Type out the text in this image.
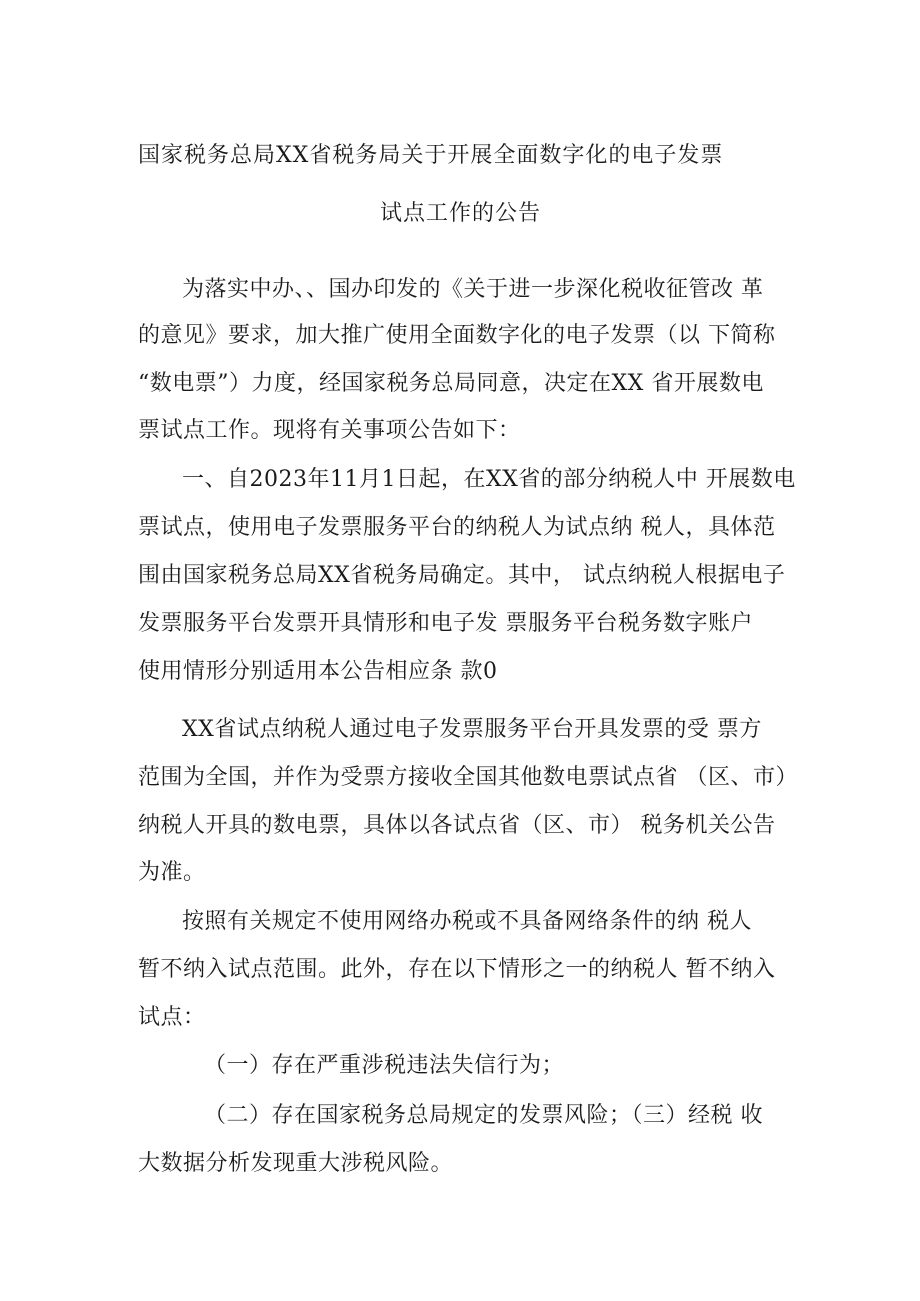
国家税务总局XX省税务局关于开展全面数字化的电子发票
试点工作的公告
为落实中办、、国办印发的《关于进一步深化税收征管改 革
的意见》要求，加大推广使用全面数字化的电子发票（以 下简称
“数电票”）力度，经国家税务总局同意，决定在XX 省开展数电
票试点工作。现将有关事项公告如下：
一、自2023年11月1日起，在XX省的部分纳税人中 开展数电
票试点，使用电子发票服务平台的纳税人为试点纳 税人，具体范
围由国家税务总局XX省税务局确定。其中， 试点纳税人根据电子
发票服务平台发票开具情形和电子发 票服务平台税务数字账户
使用情形分别适用本公告相应条 款0
XX省试点纳税人通过电子发票服务平台开具发票的受 票方
范围为全国，并作为受票方接收全国其他数电票试点省 （区、市）
纳税人开具的数电票，具体以各试点省（区、市） 税务机关公告
为准。
按照有关规定不使用网络办税或不具备网络条件的纳 税人
暂不纳入试点范围。此外，存在以下情形之一的纳税人 暂不纳入
试点：
（一）存在严重涉税违法失信行为；
（二）存在国家税务总局规定的发票风险；（三）经税 收
大数据分析发现重大涉税风险。
